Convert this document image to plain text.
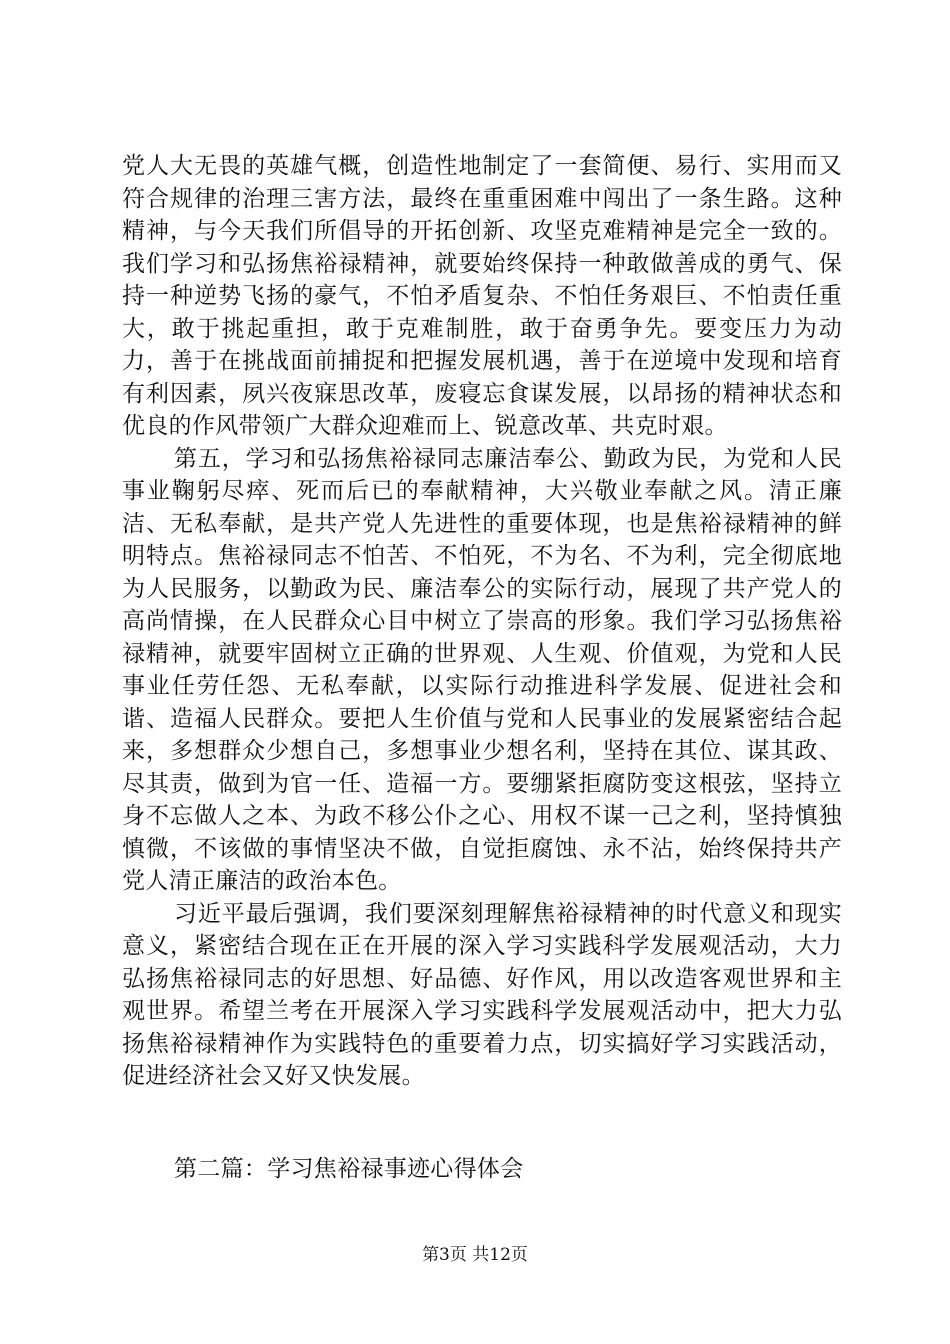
党人大无畏的英雄气概，创造性地制定了一套简便、易行、实用而又符合规律的治理三害方法，最终在重重困难中闯出了一条生路。这种精神，与今天我们所倡导的开拓创新、攻坚克难精神是完全一致的。我们学习和弘扬焦裕禄精神，就要始终保持一种敢做善成的勇气、保持一种逆势飞扬的豪气，不怕矛盾复杂、不怕任务艰巨、不怕责任重大，敢于挑起重担，敢于克难制胜，敢于奋勇争先。要变压力为动力，善于在挑战面前捕捉和把握发展机遇，善于在逆境中发现和培育有利因素，夙兴夜寐思改革，废寝忘食谋发展，以昂扬的精神状态和优良的作风带领广大群众迎难而上、锐意改革、共克时艰。

第五，学习和弘扬焦裕禄同志廉洁奉公、勤政为民，为党和人民事业鞠躬尽瘁、死而后已的奉献精神，大兴敬业奉献之风。清正廉洁、无私奉献，是共产党人先进性的重要体现，也是焦裕禄精神的鲜明特点。焦裕禄同志不怕苦、不怕死，不为名、不为利，完全彻底地为人民服务，以勤政为民、廉洁奉公的实际行动，展现了共产党人的高尚情操，在人民群众心目中树立了崇高的形象。我们学习弘扬焦裕禄精神，就要牢固树立正确的世界观、人生观、价值观，为党和人民事业任劳任怨、无私奉献，以实际行动推进科学发展、促进社会和谐、造福人民群众。要把人生价值与党和人民事业的发展紧密结合起来，多想群众少想自己，多想事业少想名利，坚持在其位、谋其政、尽其责，做到为官一任、造福一方。要绷紧拒腐防变这根弦，坚持立身不忘做人之本、为政不移公仆之心、用权不谋一己之利，坚持慎独慎微，不该做的事情坚决不做，自觉拒腐蚀、永不沾，始终保持共产党人清正廉洁的政治本色。

习近平最后强调，我们要深刻理解焦裕禄精神的时代意义和现实意义，紧密结合现在正在开展的深入学习实践科学发展观活动，大力弘扬焦裕禄同志的好思想、好品德、好作风，用以改造客观世界和主观世界。希望兰考在开展深入学习实践科学发展观活动中，把大力弘扬焦裕禄精神作为实践特色的重要着力点，切实搞好学习实践活动，促进经济社会又好又快发展。

第二篇：学习焦裕禄事迹心得体会

第3页 共12页
